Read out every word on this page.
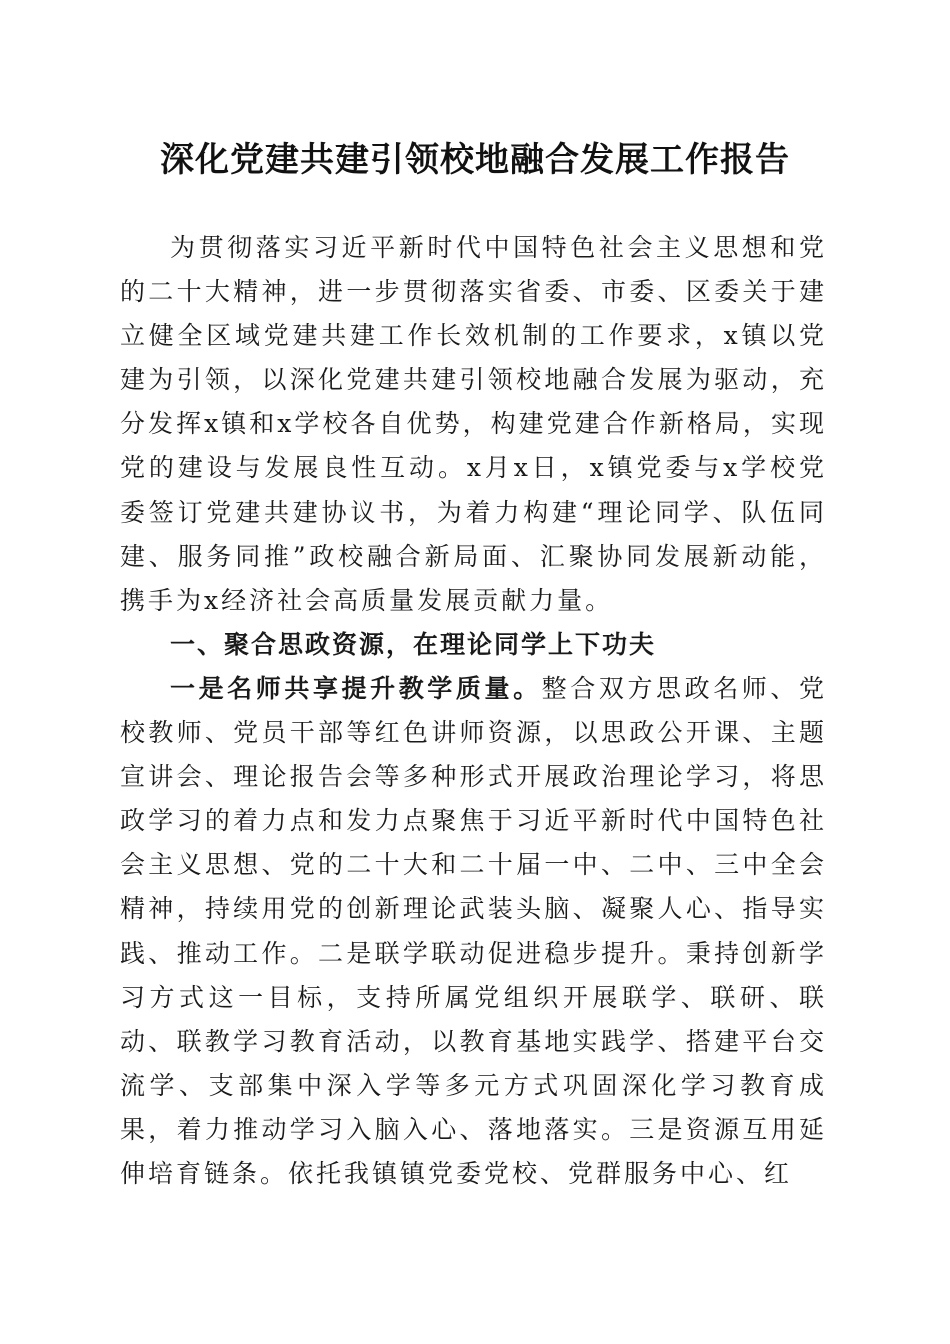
深化党建共建引领校地融合发展工作报告

为贯彻落实习近平新时代中国特色社会主义思想和党的二十大精神，进一步贯彻落实省委、市委、区委关于建立健全区域党建共建工作长效机制的工作要求，x镇以党建为引领，以深化党建共建引领校地融合发展为驱动，充分发挥x镇和x学校各自优势，构建党建合作新格局，实现党的建设与发展良性互动。x月x日，x镇党委与x学校党委签订党建共建协议书，为着力构建“理论同学、队伍同建、服务同推”政校融合新局面、汇聚协同发展新动能，携手为x经济社会高质量发展贡献力量。

一、聚合思政资源，在理论同学上下功夫

一是名师共享提升教学质量。整合双方思政名师、党校教师、党员干部等红色讲师资源，以思政公开课、主题宣讲会、理论报告会等多种形式开展政治理论学习，将思政学习的着力点和发力点聚焦于习近平新时代中国特色社会主义思想、党的二十大和二十届一中、二中、三中全会精神，持续用党的创新理论武装头脑、凝聚人心、指导实践、推动工作。二是联学联动促进稳步提升。秉持创新学习方式这一目标，支持所属党组织开展联学、联研、联动、联教学习教育活动，以教育基地实践学、搭建平台交流学、支部集中深入学等多元方式巩固深化学习教育成果，着力推动学习入脑入心、落地落实。三是资源互用延伸培育链条。依托我镇镇党委党校、党群服务中心、红
